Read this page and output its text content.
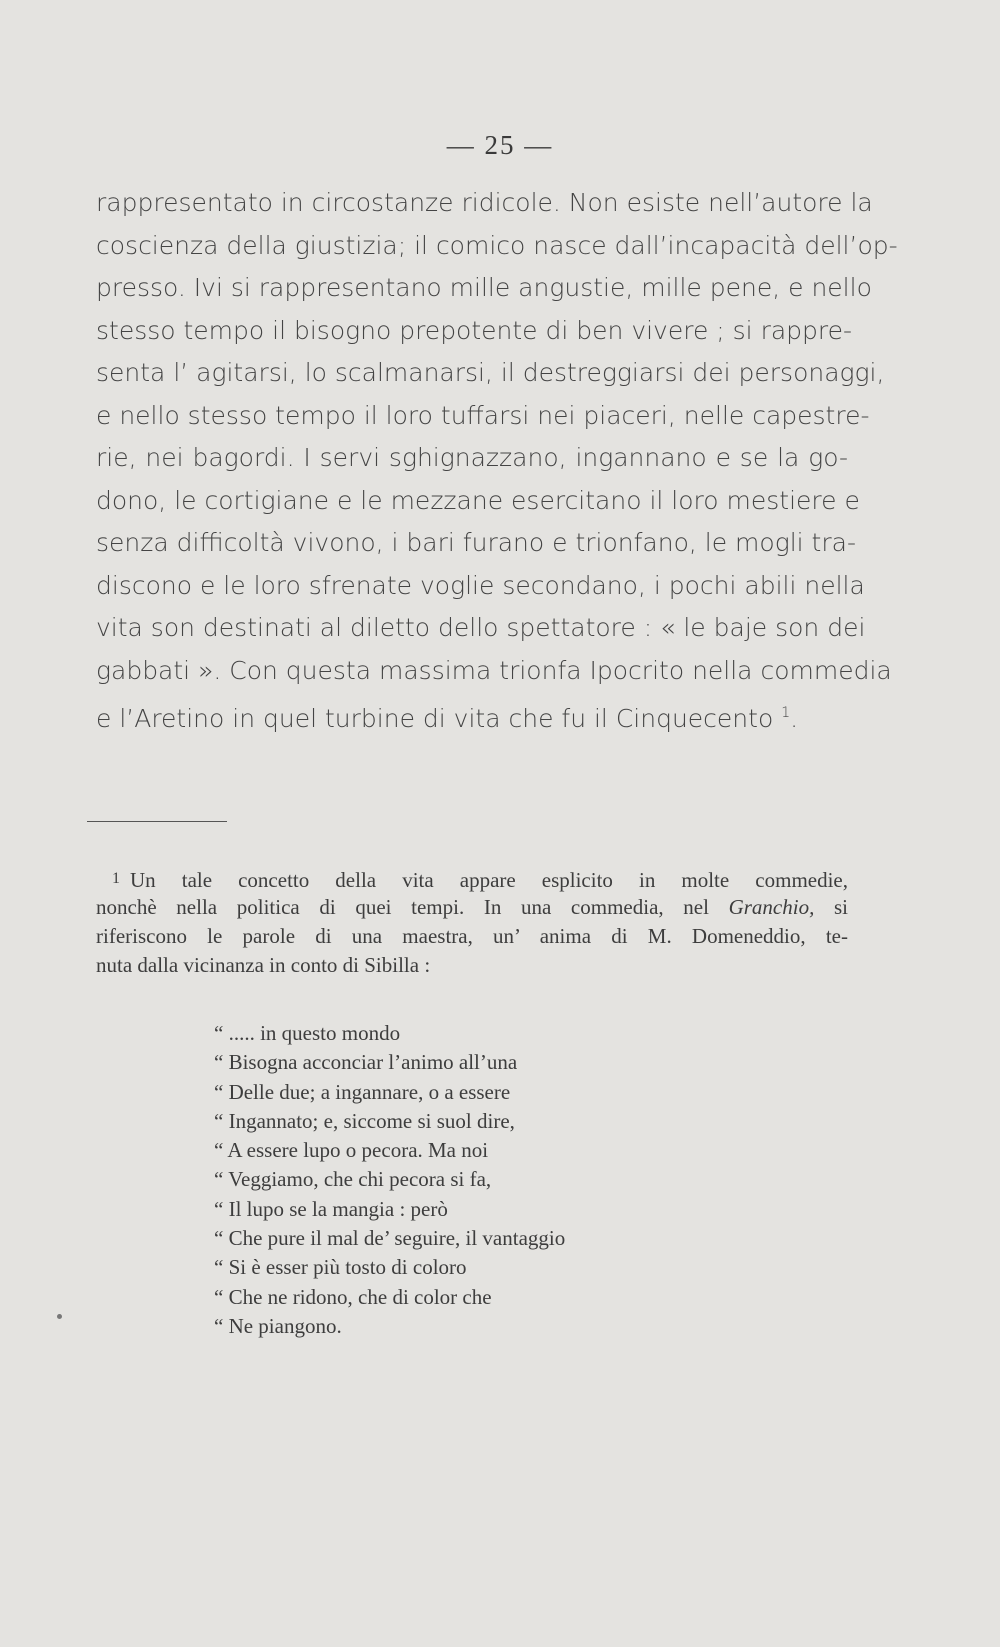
— 25 —
rappresentato in circostanze ridicole. Non esiste nell’autore la
coscienza della giustizia; il comico nasce dall’incapacità dell’op-
presso. Ivi si rappresentano mille angustie, mille pene, e nello
stesso tempo il bisogno prepotente di ben vivere ; si rappre-
senta l’ agitarsi, lo scalmanarsi, il destreggiarsi dei personaggi,
e nello stesso tempo il loro tuffarsi nei piaceri, nelle capestre-
rie, nei bagordi. I servi sghignazzano, ingannano e se la go-
dono, le cortigiane e le mezzane esercitano il loro mestiere e
senza difficoltà vivono, i bari furano e trionfano, le mogli tra-
discono e le loro sfrenate voglie secondano, i pochi abili nella
vita son destinati al diletto dello spettatore : « le baje son dei
gabbati ». Con questa massima trionfa Ipocrito nella commedia
e l’Aretino in quel turbine di vita che fu il Cinquecento $^1$.
1 Un tale concetto della vita appare esplicito in molte commedie,
nonchè nella politica di quei tempi. In una commedia, nel Granchio, si
riferiscono le parole di una maestra, un’ anima di M. Domeneddio, te-
nuta dalla vicinanza in conto di Sibilla :
“ ..... in questo mondo
“ Bisogna acconciar l’animo all’una
“ Delle due; a ingannare, o a essere
“ Ingannato; e, siccome si suol dire,
“ A essere lupo o pecora. Ma noi
“ Veggiamo, che chi pecora si fa,
“ Il lupo se la mangia : però
“ Che pure il mal de’ seguire, il vantaggio
“ Si è esser più tosto di coloro
“ Che ne ridono, che di color che
“ Ne piangono.
